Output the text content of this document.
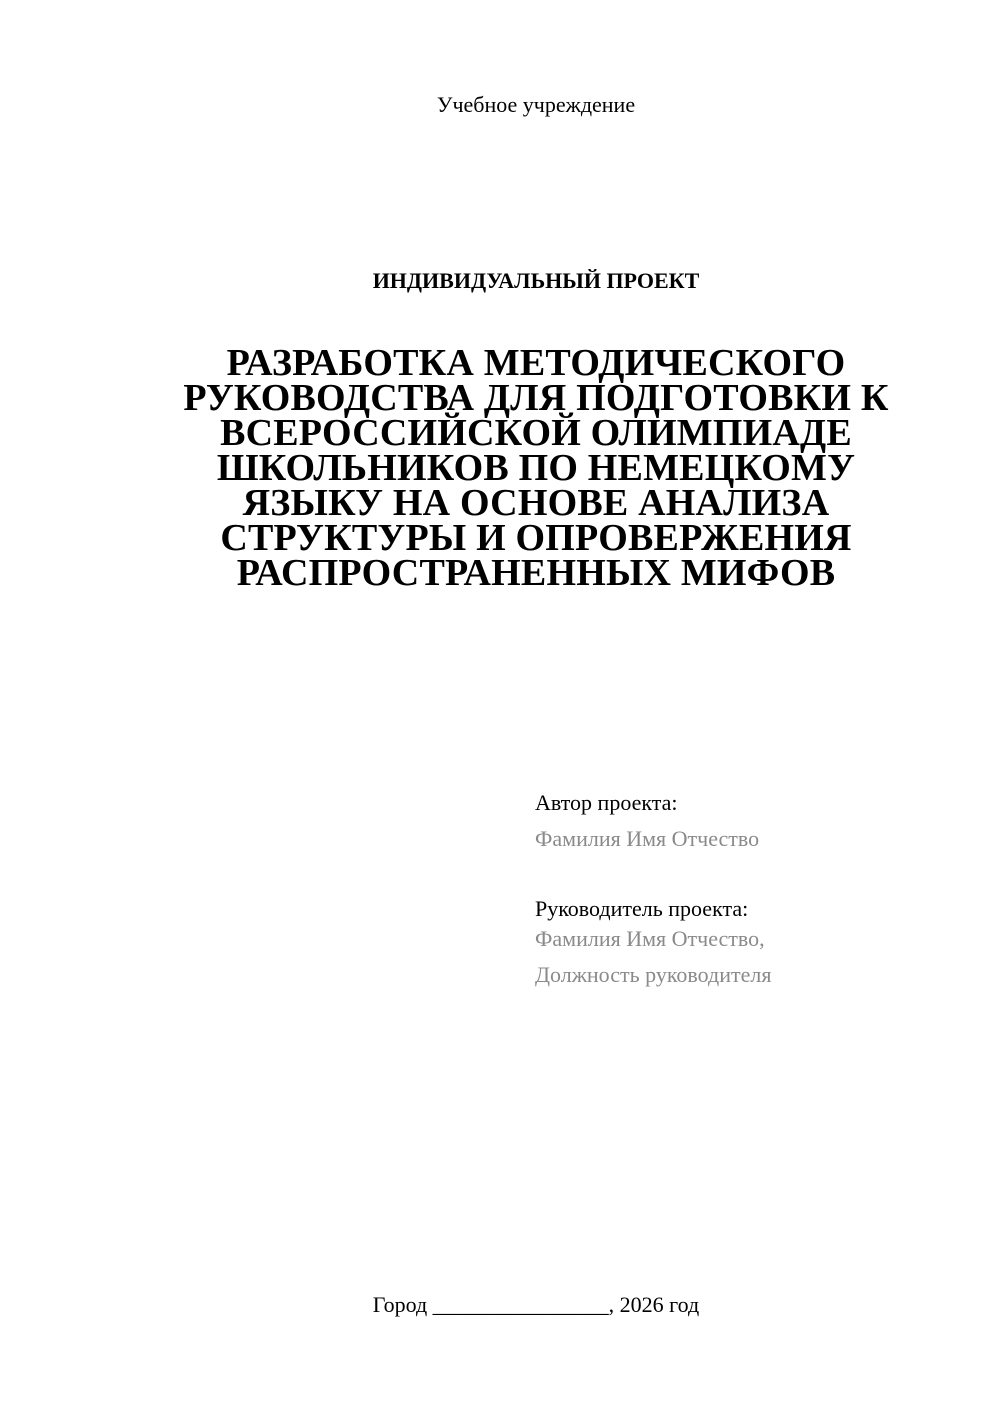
Учебное учреждение
ИНДИВИДУАЛЬНЫЙ ПРОЕКТ
РАЗРАБОТКА МЕТОДИЧЕСКОГО
РУКОВОДСТВА ДЛЯ ПОДГОТОВКИ К
ВСЕРОССИЙСКОЙ ОЛИМПИАДЕ
ШКОЛЬНИКОВ ПО НЕМЕЦКОМУ
ЯЗЫКУ НА ОСНОВЕ АНАЛИЗА
СТРУКТУРЫ И ОПРОВЕРЖЕНИЯ
РАСПРОСТРАНЕННЫХ МИФОВ
Автор проекта:
Фамилия Имя Отчество
Руководитель проекта:
Фамилия Имя Отчество,
Должность руководителя
Город ________________, 2026 год
